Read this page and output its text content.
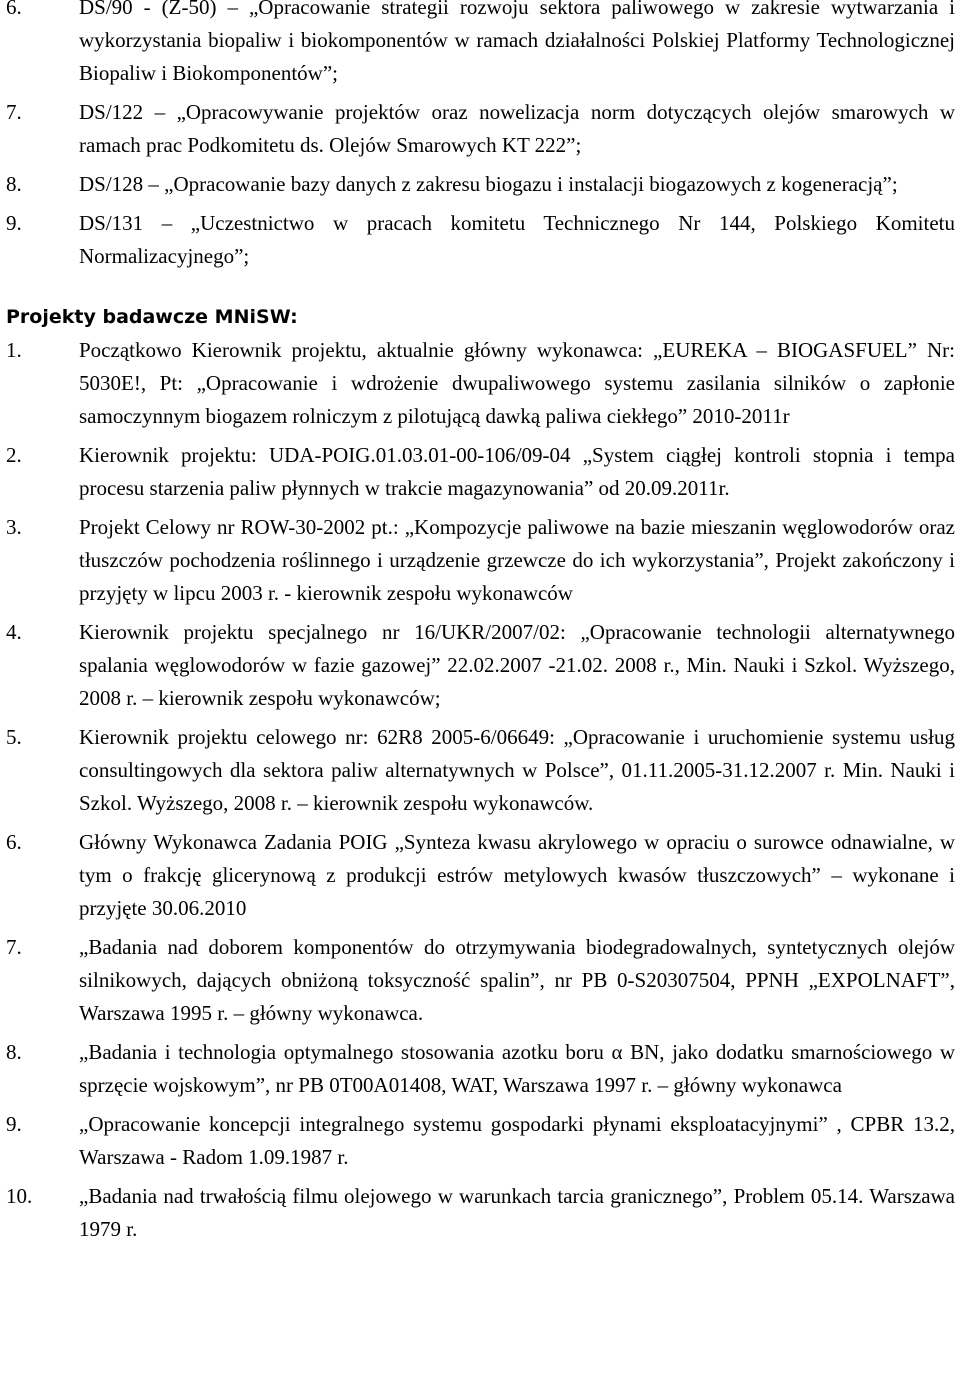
6.	DS/90 - (Z-50) ‒ „Opracowanie strategii rozwoju sektora paliwowego w zakresie wytwarzania i wykorzystania biopaliw i biokomponentów w ramach działalności Polskiej Platformy Technologicznej Biopaliw i Biokomponentów”;
7.	DS/122 ‒ „Opracowywanie projektów oraz nowelizacja norm dotyczących olejów smarowych w ramach prac Podkomitetu ds. Olejów Smarowych KT 222”;
8.	DS/128 ‒ „Opracowanie bazy danych z zakresu biogazu i instalacji biogazowych z kogeneracją”;
9.	DS/131 ‒ „Uczestnictwo w pracach komitetu Technicznego Nr 144, Polskiego Komitetu Normalizacyjnego”;
Projekty badawcze MNiSW:
1.	Początkowo Kierownik projektu, aktualnie główny wykonawca: „EUREKA ‒ BIOGASFUEL” Nr: 5030E!, Pt: „Opracowanie i wdrożenie dwupaliwowego systemu zasilania silników o zapłonie samoczynnym biogazem rolniczym z pilotującą dawką paliwa ciekłego” 2010-2011r
2.	Kierownik projektu: UDA-POIG.01.03.01-00-106/09-04 „System ciągłej kontroli stopnia i tempa procesu starzenia paliw płynnych w trakcie magazynowania” od 20.09.2011r.
3.	Projekt Celowy nr ROW-30-2002 pt.: „Kompozycje paliwowe na bazie mieszanin węglowodorów oraz tłuszczów pochodzenia roślinnego i urządzenie grzewcze do ich wykorzystania”, Projekt zakończony i przyjęty w lipcu 2003 r. - kierownik zespołu wykonawców
4.	Kierownik projektu specjalnego nr 16/UKR/2007/02: „Opracowanie technologii alternatywnego spalania węglowodorów w fazie gazowej” 22.02.2007 -21.02. 2008 r., Min. Nauki i Szkol. Wyższego, 2008 r. – kierownik zespołu wykonawców;
5.	Kierownik projektu celowego nr: 62R8 2005-6/06649: „Opracowanie i uruchomienie systemu usług consultingowych dla sektora paliw alternatywnych w Polsce”, 01.11.2005-31.12.2007 r. Min. Nauki i Szkol. Wyższego, 2008 r. – kierownik zespołu wykonawców.
6.	Główny Wykonawca Zadania POIG „Synteza kwasu akrylowego w opraciu o surowce odnawialne, w tym o frakcję glicerynową z produkcji estrów metylowych kwasów tłuszczowych” ‒ wykonane i przyjęte 30.06.2010
7.	„Badania nad doborem komponentów do otrzymywania biodegradowalnych, syntetycznych olejów silnikowych, dających obniżoną toksyczność spalin”, nr PB 0-S20307504, PPNH „EXPOLNAFT”, Warszawa 1995 r. – główny wykonawca.
8.	„Badania i technologia optymalnego stosowania azotku boru α BN, jako dodatku smarnościowego w sprzęcie wojskowym”, nr PB 0T00A01408, WAT, Warszawa 1997 r. – główny wykonawca
9.	„Opracowanie koncepcji integralnego systemu gospodarki płynami eksploatacyjnymi” , CPBR 13.2, Warszawa - Radom 1.09.1987 r.
10. „Badania nad trwałością filmu olejowego w warunkach tarcia granicznego”, Problem 05.14. Warszawa 1979 r.
